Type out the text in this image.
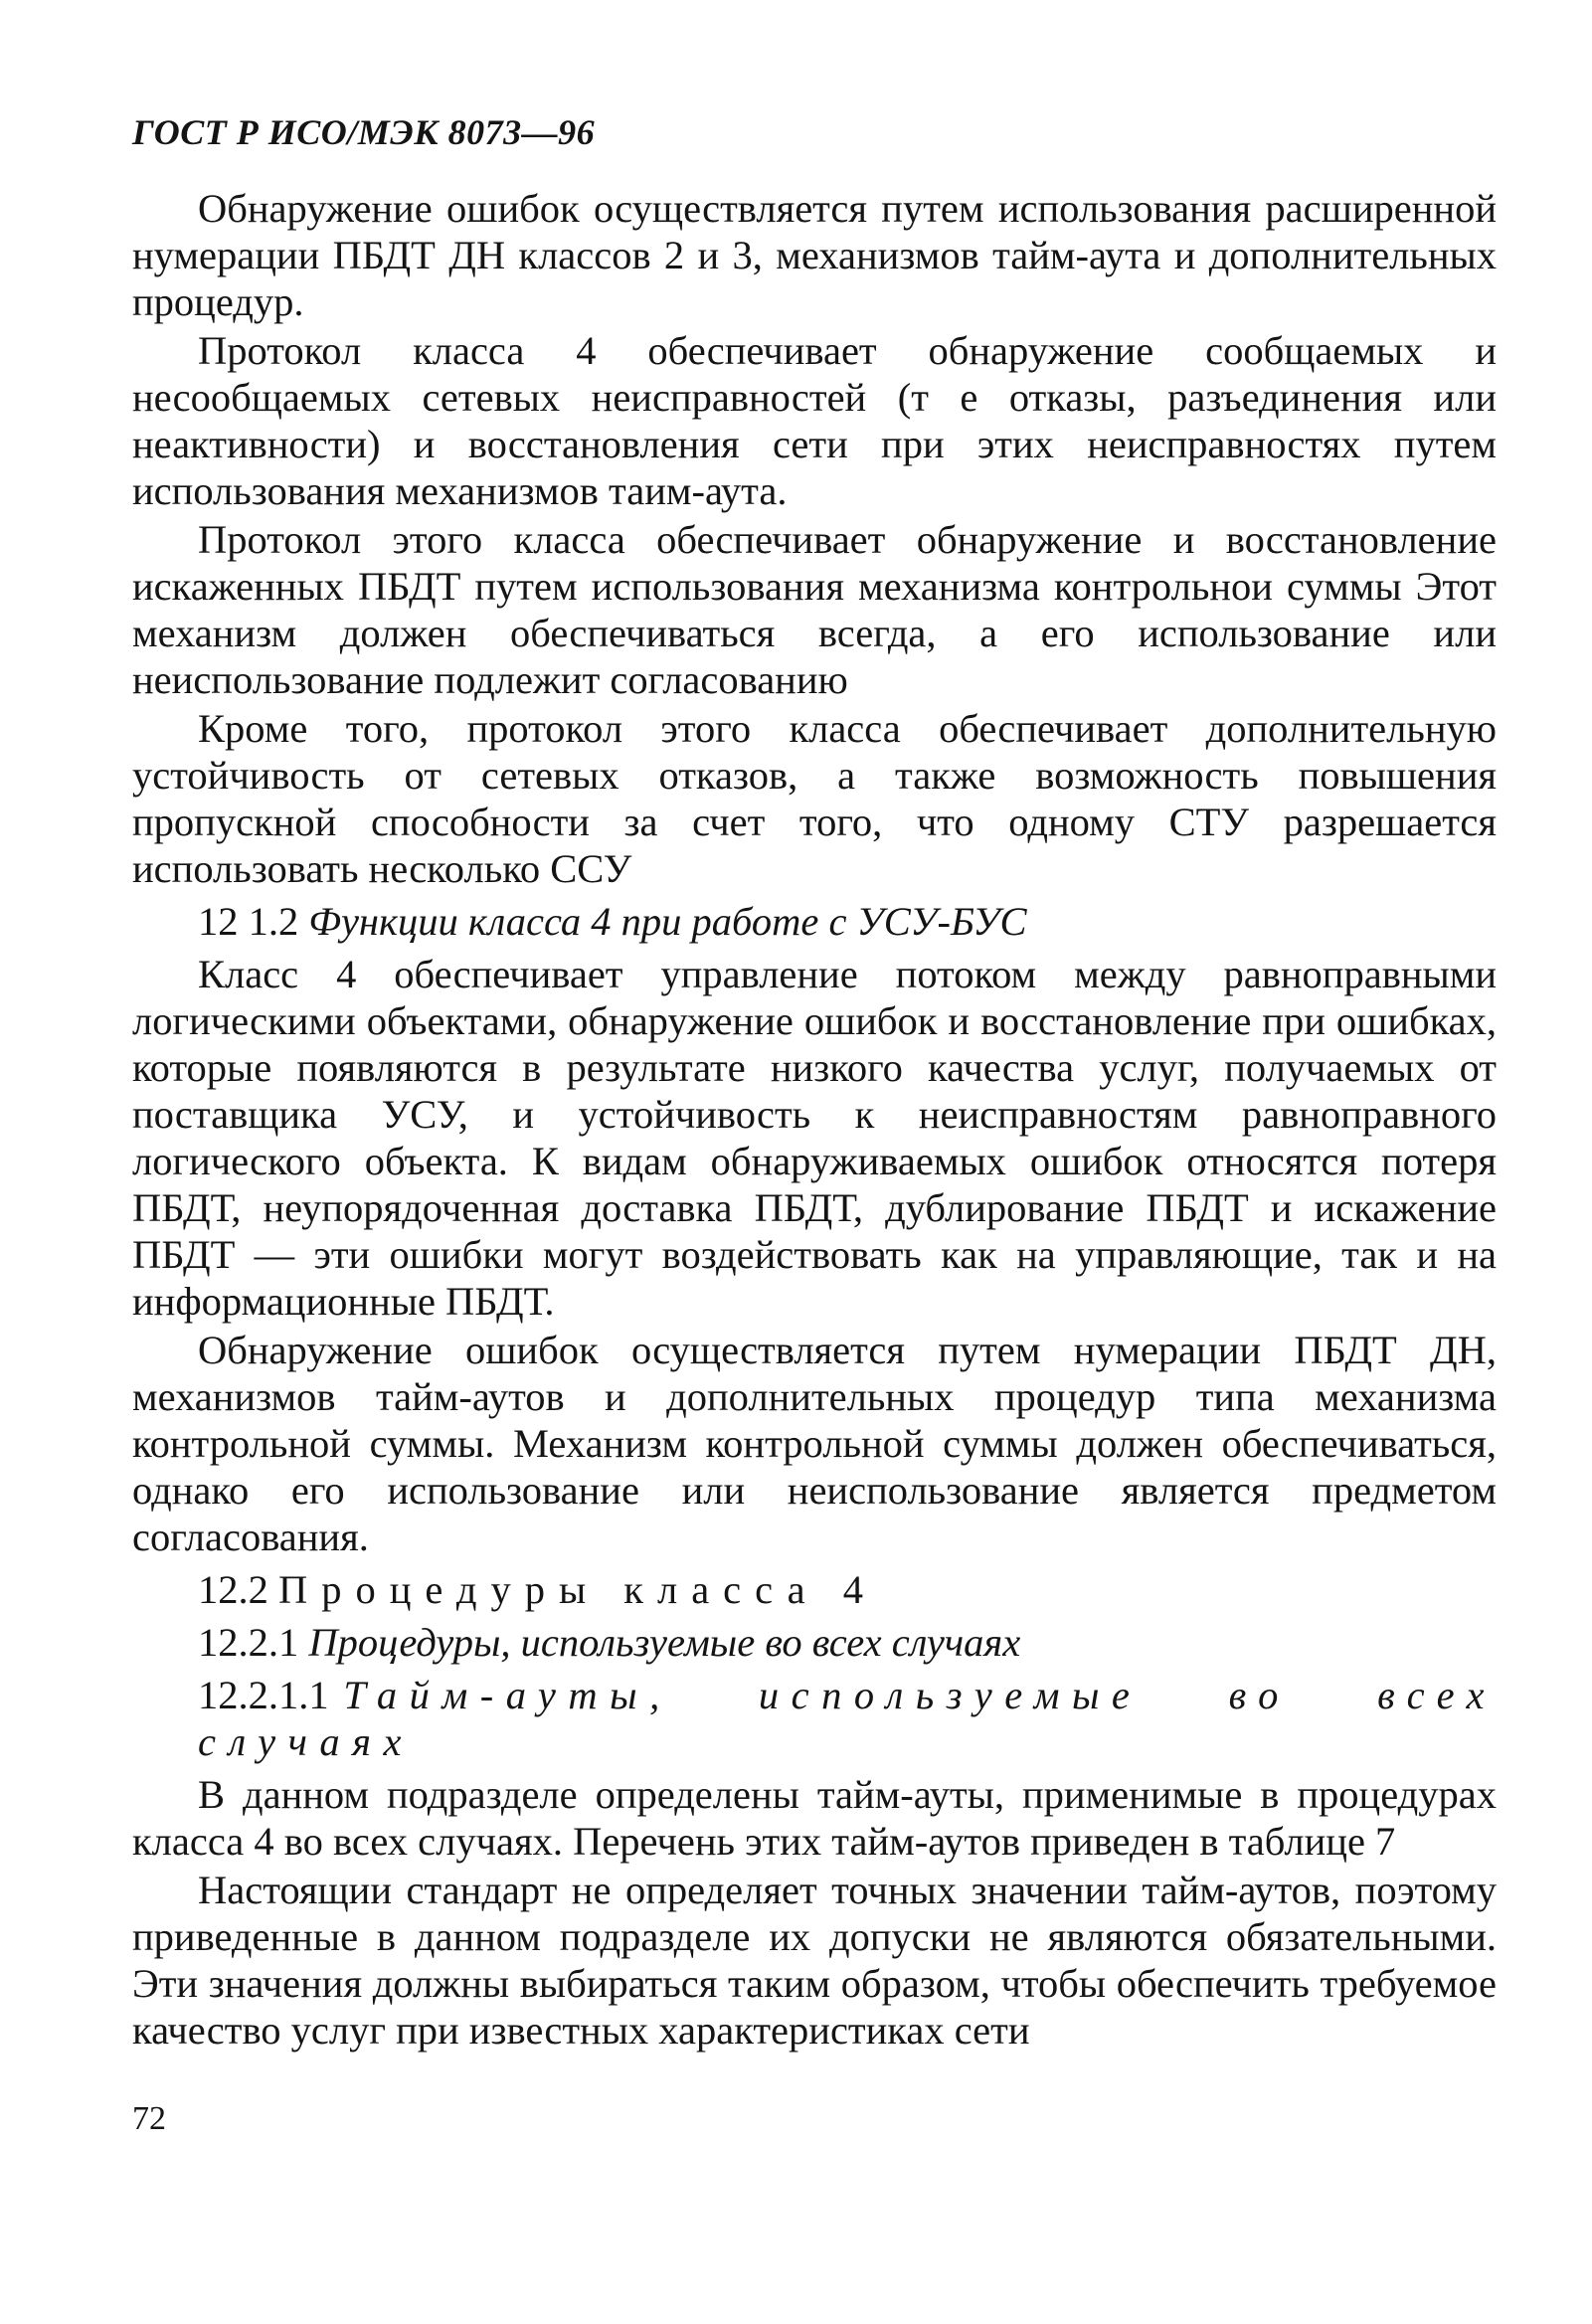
ГОСТ Р ИСО/МЭК 8073—96

Обнаружение ошибок осуществляется путем использования расширенной нумерации ПБДТ ДН классов 2 и 3, механизмов тайм-аута и дополнительных процедур.

Протокол класса 4 обеспечивает обнаружение сообщаемых и несообщаемых сетевых неисправностей (т е отказы, разъединения или неактивности) и восстановления сети при этих неисправностях путем использования механизмов таим-аута.

Протокол этого класса обеспечивает обнаружение и восстановление искаженных ПБДТ путем использования механизма контрольнои суммы Этот механизм должен обеспечиваться всегда, а его использование или неиспользование подлежит согласованию

Кроме того, протокол этого класса обеспечивает дополнительную устойчивость от сетевых отказов, а также возможность повышения пропускной способности за счет того, что одному СТУ разрешается использовать несколько ССУ

12 1.2 Функции класса 4 при работе с УСУ-БУС

Класс 4 обеспечивает управление потоком между равноправными логическими объектами, обнаружение ошибок и восстановление при ошибках, которые появляются в результате низкого качества услуг, получаемых от поставщика УСУ, и устойчивость к неисправностям равноправного логического объекта. К видам обнаруживаемых ошибок относятся потеря ПБДТ, неупорядоченная доставка ПБДТ, дублирование ПБДТ и искажение ПБДТ — эти ошибки могут воздействовать как на управляющие, так и на информационные ПБДТ.

Обнаружение ошибок осуществляется путем нумерации ПБДТ ДН, механизмов тайм-аутов и дополнительных процедур типа механизма контрольной суммы. Механизм контрольной суммы должен обеспечиваться, однако его использование или неиспользование является предметом согласования.

12.2 Процедуры класса 4
12.2.1 Процедуры, используемые во всех случаях
12.2.1.1 Тайм-ауты, используемые во всех случаях

В данном подразделе определены тайм-ауты, применимые в процедурах класса 4 во всех случаях. Перечень этих тайм-аутов приведен в таблице 7

Настоящии стандарт не определяет точных значении тайм-аутов, поэтому приведенные в данном подразделе их допуски не являются обязательными. Эти значения должны выбираться таким образом, чтобы обеспечить требуемое качество услуг при известных характеристиках сети

72
